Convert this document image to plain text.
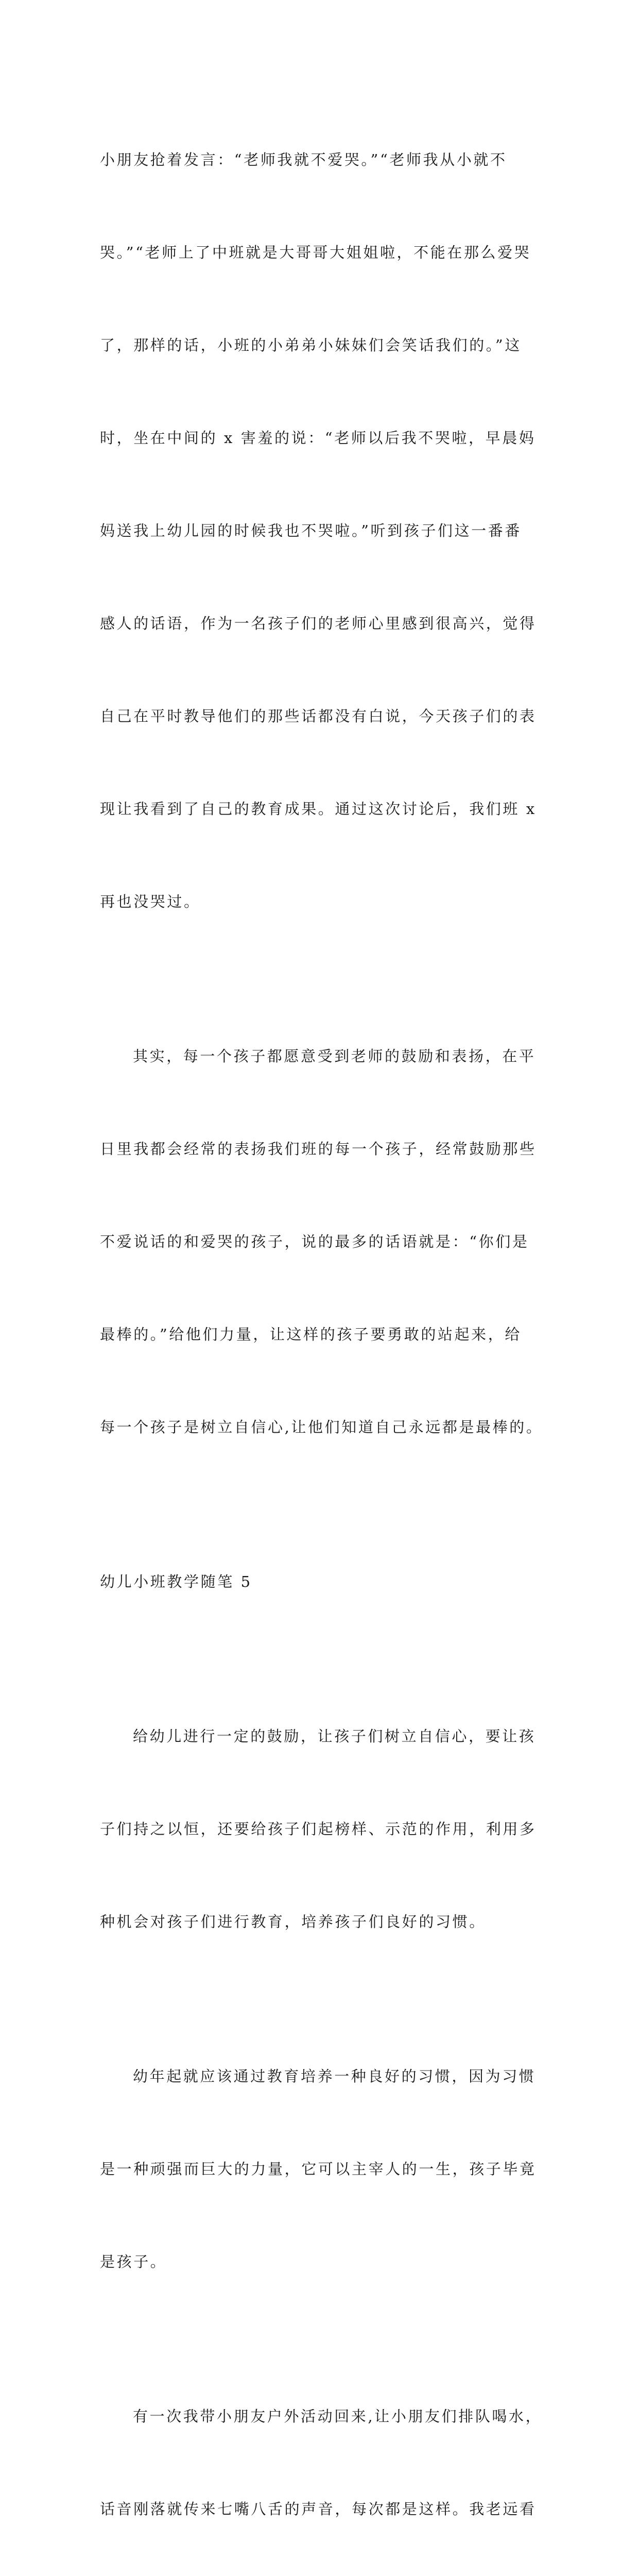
小朋友抢着发言：“老师我就不爱哭。”“老师我从小就不

哭。”“老师上了中班就是大哥哥大姐姐啦，不能在那么爱哭

了，那样的话，小班的小弟弟小妹妹们会笑话我们的。”这

时，坐在中间的 x 害羞的说：“老师以后我不哭啦，早晨妈

妈送我上幼儿园的时候我也不哭啦。”听到孩子们这一番番

感人的话语，作为一名孩子们的老师心里感到很高兴，觉得

自己在平时教导他们的那些话都没有白说，今天孩子们的表

现让我看到了自己的教育成果。通过这次讨论后，我们班 x

再也没哭过。

其实，每一个孩子都愿意受到老师的鼓励和表扬，在平

日里我都会经常的表扬我们班的每一个孩子，经常鼓励那些

不爱说话的和爱哭的孩子，说的最多的话语就是：“你们是

最棒的。”给他们力量，让这样的孩子要勇敢的站起来，给

每一个孩子是树立自信心,让他们知道自己永远都是最棒的。

幼儿小班教学随笔 5

给幼儿进行一定的鼓励，让孩子们树立自信心，要让孩

子们持之以恒，还要给孩子们起榜样、示范的作用，利用多

种机会对孩子们进行教育，培养孩子们良好的习惯。

幼年起就应该通过教育培养一种良好的习惯，因为习惯

是一种顽强而巨大的力量，它可以主宰人的一生，孩子毕竟

是孩子。

有一次我带小朋友户外活动回来,让小朋友们排队喝水，

话音刚落就传来七嘴八舌的声音，每次都是这样。我老远看
